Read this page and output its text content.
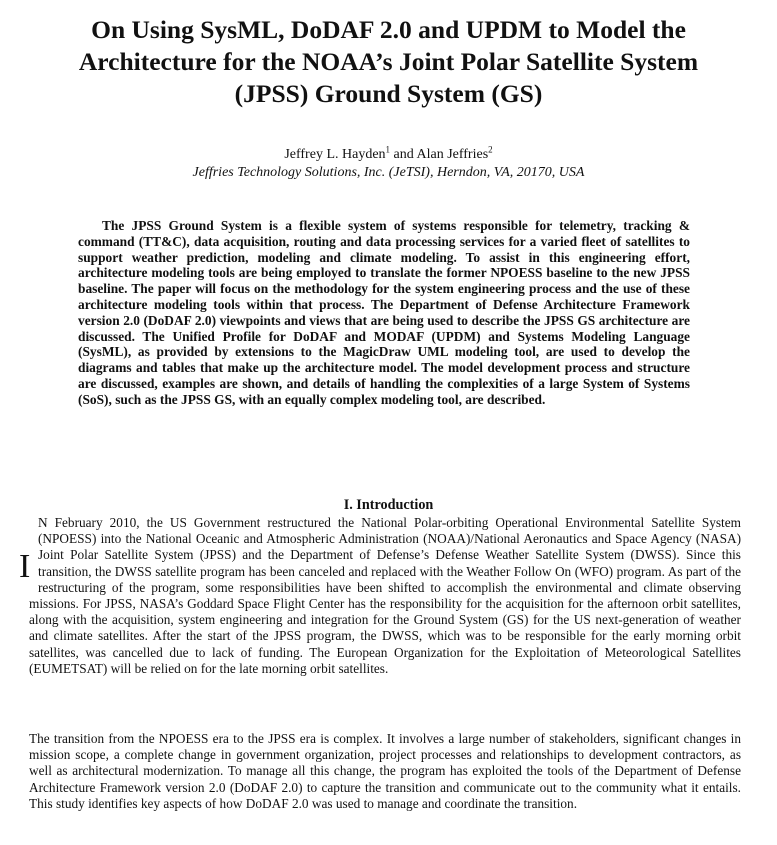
On Using SysML, DoDAF 2.0 and UPDM to Model the
Architecture for the NOAA’s Joint Polar Satellite System
(JPSS) Ground System (GS)
Jeffrey L. Hayden$^1$ and Alan Jeffries$^2$
Jeffries Technology Solutions, Inc. (JeTSI), Herndon, VA, 20170, USA

The JPSS Ground System is a flexible system of systems responsible for telemetry, tracking & command (TT&C), data acquisition, routing and data processing services for a varied fleet of satellites to support weather prediction, modeling and climate modeling. To assist in this engineering effort, architecture modeling tools are being employed to translate the former NPOESS baseline to the new JPSS baseline. The paper will focus on the methodology for the system engineering process and the use of these architecture modeling tools within that process. The Department of Defense Architecture Framework version 2.0 (DoDAF 2.0) viewpoints and views that are being used to describe the JPSS GS architecture are discussed. The Unified Profile for DoDAF and MODAF (UPDM) and Systems Modeling Language (SysML), as provided by extensions to the MagicDraw UML modeling tool, are used to develop the diagrams and tables that make up the architecture model. The model development process and structure are discussed, examples are shown, and details of handling the complexities of a large System of Systems (SoS), such as the JPSS GS, with an equally complex modeling tool, are described.

I. Introduction
I

N February 2010, the US Government restructured the National Polar-orbiting Operational Environmental Satellite System (NPOESS) into the National Oceanic and Atmospheric Administration (NOAA)/National Aeronautics and Space Agency (NASA) Joint Polar Satellite System (JPSS) and the Department of Defense’s Defense Weather Satellite System (DWSS). Since this transition, the DWSS satellite program has been canceled and replaced with the Weather Follow On (WFO) program. As part of the restructuring of the program, some responsibilities have been shifted to accomplish the environmental and climate observing missions. For JPSS, NASA’s Goddard Space Flight Center has the responsibility for the acquisition for the afternoon orbit satellites, along with the acquisition, system engineering and integration for the Ground System (GS) for the US next-generation of weather and climate satellites. After the start of the JPSS program, the DWSS, which was to be responsible for the early morning orbit satellites, was cancelled due to lack of funding. The European Organization for the Exploitation of Meteorological Satellites (EUMETSAT) will be relied on for the late morning orbit satellites.

The transition from the NPOESS era to the JPSS era is complex. It involves a large number of stakeholders, significant changes in mission scope, a complete change in government organization, project processes and relationships to development contractors, as well as architectural modernization. To manage all this change, the program has exploited the tools of the Department of Defense Architecture Framework version 2.0 (DoDAF 2.0) to capture the transition and communicate out to the community what it entails. This study identifies key aspects of how DoDAF 2.0 was used to manage and coordinate the transition.
